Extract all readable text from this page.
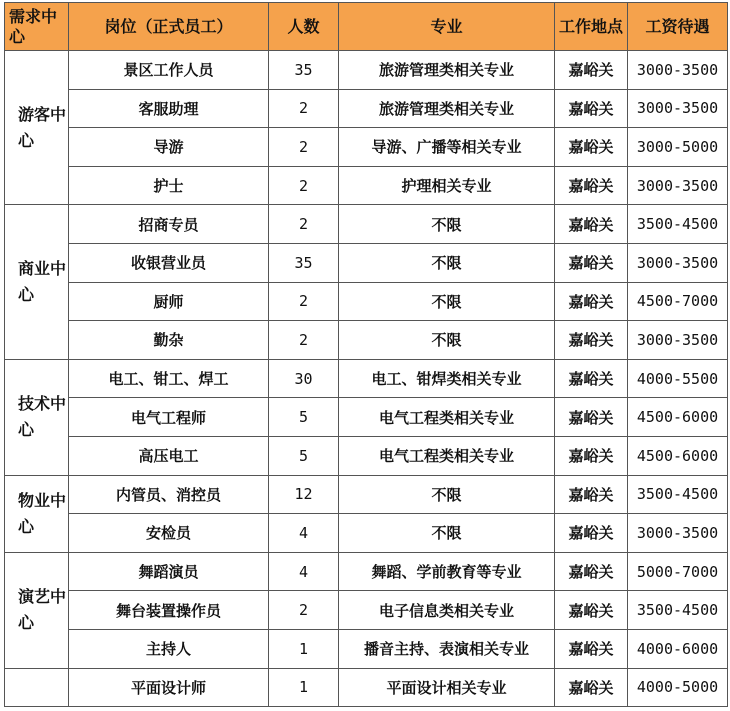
需求中心	岗位（正式员工）	人数	专业	工作地点	工资待遇
游客中心	景区工作人员	35	旅游管理类相关专业	嘉峪关	3000-3500
	客服助理	2	旅游管理类相关专业	嘉峪关	3000-3500
	导游	2	导游、广播等相关专业	嘉峪关	3000-5000
	护士	2	护理相关专业	嘉峪关	3000-3500
商业中心	招商专员	2	不限	嘉峪关	3500-4500
	收银营业员	35	不限	嘉峪关	3000-3500
	厨师	2	不限	嘉峪关	4500-7000
	勤杂	2	不限	嘉峪关	3000-3500
技术中心	电工、钳工、焊工	30	电工、钳焊类相关专业	嘉峪关	4000-5500
	电气工程师	5	电气工程类相关专业	嘉峪关	4500-6000
	高压电工	5	电气工程类相关专业	嘉峪关	4500-6000
物业中心	内管员、消控员	12	不限	嘉峪关	3500-4500
	安检员	4	不限	嘉峪关	3000-3500
演艺中心	舞蹈演员	4	舞蹈、学前教育等专业	嘉峪关	5000-7000
	舞台装置操作员	2	电子信息类相关专业	嘉峪关	3500-4500
	主持人	1	播音主持、表演相关专业	嘉峪关	4000-6000
	平面设计师	1	平面设计相关专业	嘉峪关	4000-5000
